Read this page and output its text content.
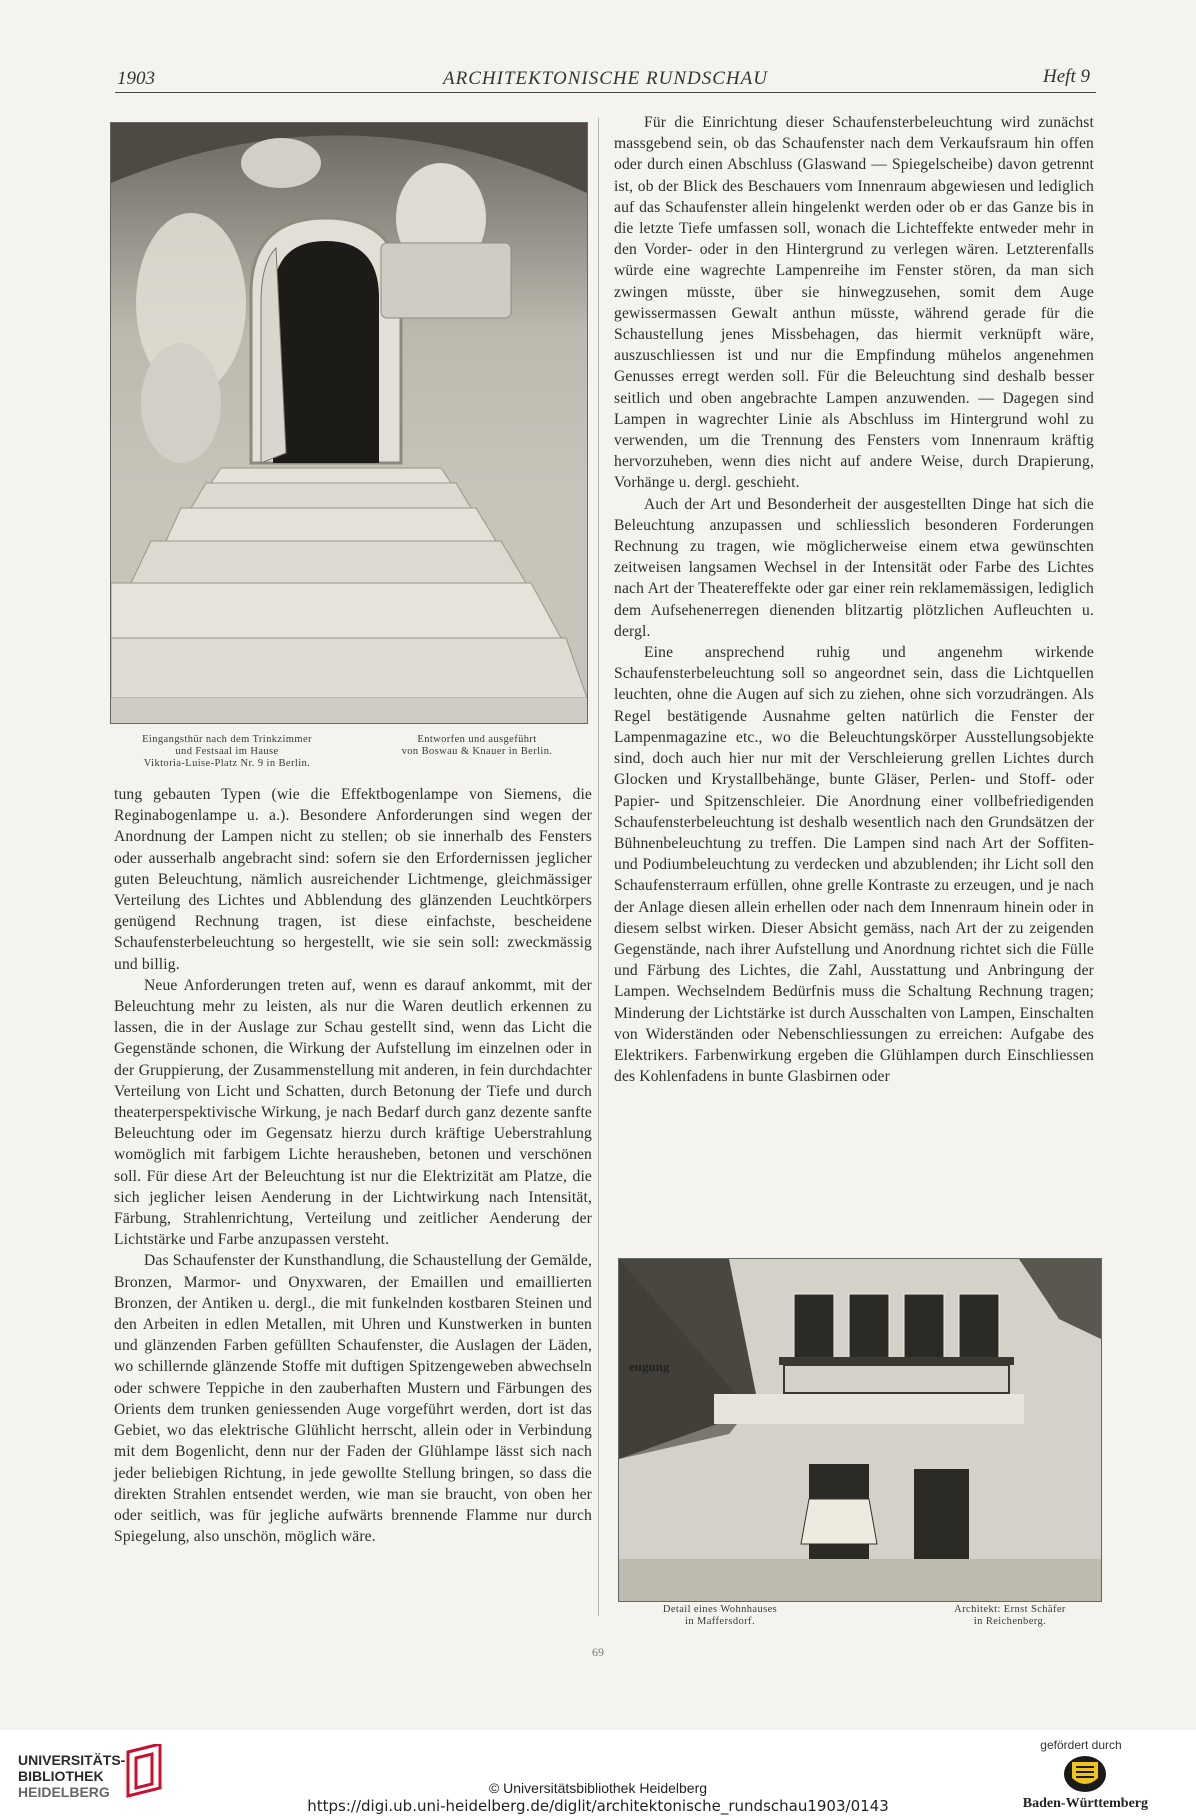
1903	ARCHITEKTONISCHE RUNDSCHAU	Heft 9
Eingangsthür nach dem Trinkzimmer
und Festsaal im Hause
Viktoria-Luise-Platz Nr. 9 in Berlin.
Entworfen und ausgeführt
von Boswau & Knauer in Berlin.

tung gebauten Typen (wie die Effektbogenlampe von Siemens, die Reginabogenlampe u. a.). Besondere Anforderungen sind wegen der Anordnung der Lampen nicht zu stellen; ob sie innerhalb des Fensters oder ausserhalb angebracht sind: sofern sie den Erfordernissen jeglicher guten Beleuchtung, nämlich ausreichender Lichtmenge, gleichmässiger Verteilung des Lichtes und Abblendung des glänzenden Leuchtkörpers genügend Rechnung tragen, ist diese einfachste, bescheidene Schaufensterbeleuchtung so hergestellt, wie sie sein soll: zweckmässig und billig.

Neue Anforderungen treten auf, wenn es darauf ankommt, mit der Beleuchtung mehr zu leisten, als nur die Waren deutlich erkennen zu lassen, die in der Auslage zur Schau gestellt sind, wenn das Licht die Gegenstände schonen, die Wirkung der Aufstellung im einzelnen oder in der Gruppierung, der Zusammenstellung mit anderen, in fein durchdachter Verteilung von Licht und Schatten, durch Betonung der Tiefe und durch theaterperspektivische Wirkung, je nach Bedarf durch ganz dezente sanfte Beleuchtung oder im Gegensatz hierzu durch kräftige Ueberstrahlung womöglich mit farbigem Lichte herausheben, betonen und verschönen soll. Für diese Art der Beleuchtung ist nur die Elektrizität am Platze, die sich jeglicher leisen Aenderung in der Lichtwirkung nach Intensität, Färbung, Strahlenrichtung, Verteilung und zeitlicher Aenderung der Lichtstärke und Farbe anzupassen versteht.

Das Schaufenster der Kunsthandlung, die Schaustellung der Gemälde, Bronzen, Marmor- und Onyxwaren, der Emaillen und emaillierten Bronzen, der Antiken u. dergl., die mit funkelnden kostbaren Steinen und den Arbeiten in edlen Metallen, mit Uhren und Kunstwerken in bunten und glänzenden Farben gefüllten Schaufenster, die Auslagen der Läden, wo schillernde glänzende Stoffe mit duftigen Spitzengeweben abwechseln oder schwere Teppiche in den zauberhaften Mustern und Färbungen des Orients dem trunken geniessenden Auge vorgeführt werden, dort ist das Gebiet, wo das elektrische Glühlicht herrscht, allein oder in Verbindung mit dem Bogenlicht, denn nur der Faden der Glühlampe lässt sich nach jeder beliebigen Richtung, in jede gewollte Stellung bringen, so dass die direkten Strahlen entsendet werden, wie man sie braucht, von oben her oder seitlich, was für jegliche aufwärts brennende Flamme nur durch Spiegelung, also unschön, möglich wäre.

Für die Einrichtung dieser Schaufensterbeleuchtung wird zunächst massgebend sein, ob das Schaufenster nach dem Verkaufsraum hin offen oder durch einen Abschluss (Glaswand — Spiegelscheibe) davon getrennt ist, ob der Blick des Beschauers vom Innenraum abgewiesen und lediglich auf das Schaufenster allein hingelenkt werden oder ob er das Ganze bis in die letzte Tiefe umfassen soll, wonach die Lichteffekte entweder mehr in den Vorder- oder in den Hintergrund zu verlegen wären. Letzterenfalls würde eine wagrechte Lampenreihe im Fenster stören, da man sich zwingen müsste, über sie hinwegzusehen, somit dem Auge gewissermassen Gewalt anthun müsste, während gerade für die Schaustellung jenes Missbehagen, das hiermit verknüpft wäre, auszuschliessen ist und nur die Empfindung mühelos angenehmen Genusses erregt werden soll. Für die Beleuchtung sind deshalb besser seitlich und oben angebrachte Lampen anzuwenden. — Dagegen sind Lampen in wagrechter Linie als Abschluss im Hintergrund wohl zu verwenden, um die Trennung des Fensters vom Innenraum kräftig hervorzuheben, wenn dies nicht auf andere Weise, durch Drapierung, Vorhänge u. dergl. geschieht.

Auch der Art und Besonderheit der ausgestellten Dinge hat sich die Beleuchtung anzupassen und schliesslich besonderen Forderungen Rechnung zu tragen, wie möglicherweise einem etwa gewünschten zeitweisen langsamen Wechsel in der Intensität oder Farbe des Lichtes nach Art der Theatereffekte oder gar einer rein reklamemässigen, lediglich dem Aufsehenerregen dienenden blitzartig plötzlichen Aufleuchten u. dergl.

Eine ansprechend ruhig und angenehm wirkende Schaufensterbeleuchtung soll so angeordnet sein, dass die Lichtquellen leuchten, ohne die Augen auf sich zu ziehen, ohne sich vorzudrängen. Als Regel bestätigende Ausnahme gelten natürlich die Fenster der Lampenmagazine etc., wo die Beleuchtungskörper Ausstellungsobjekte sind, doch auch hier nur mit der Verschleierung grellen Lichtes durch Glocken und Krystallbehänge, bunte Gläser, Perlen- und Stoff- oder Papier- und Spitzenschleier. Die Anordnung einer vollbefriedigenden Schaufensterbeleuchtung ist deshalb wesentlich nach den Grundsätzen der Bühnenbeleuchtung zu treffen. Die Lampen sind nach Art der Soffiten- und Podiumbeleuchtung zu verdecken und abzublenden; ihr Licht soll den Schaufensterraum erfüllen, ohne grelle Kontraste zu erzeugen, und je nach der Anlage diesen allein erhellen oder nach dem Innenraum hinein oder in diesem selbst wirken. Dieser Absicht gemäss, nach Art der zu zeigenden Gegenstände, nach ihrer Aufstellung und Anordnung richtet sich die Fülle und Färbung des Lichtes, die Zahl, Ausstattung und Anbringung der Lampen. Wechselndem Bedürfnis muss die Schaltung Rechnung tragen; Minderung der Lichtstärke ist durch Ausschalten von Lampen, Einschalten von Widerständen oder Nebenschliessungen zu erreichen: Aufgabe des Elektrikers. Farbenwirkung ergeben die Glühlampen durch Einschliessen des Kohlenfadens in bunte Glasbirnen oder

eugung
Detail eines Wohnhauses
in Maffersdorf.
Architekt: Ernst Schäfer
in Reichenberg.
69
UNIVERSITÄTS-
BIBLIOTHEK
HEIDELBERG	© Universitätsbibliothek Heidelberg
https://digi.ub.uni-heidelberg.de/diglit/architektonische_rundschau1903/0143
gefördert durch
Baden-Württemberg
